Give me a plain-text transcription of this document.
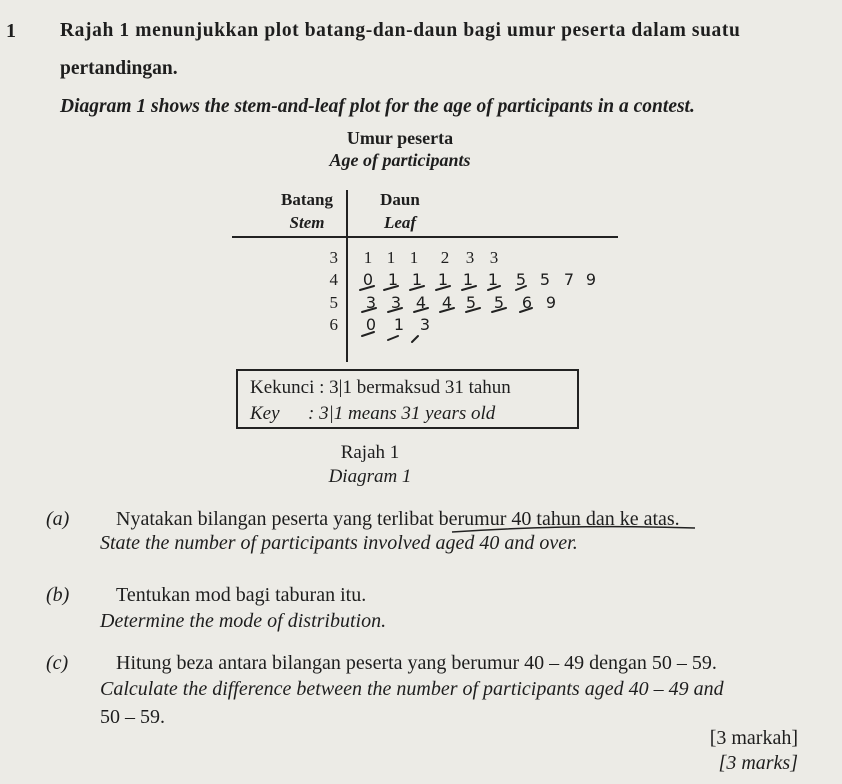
1 Rajah 1 menunjukkan plot batang-dan-daun bagi umur peserta dalam suatu
pertandingan.
Diagram 1 shows the stem-and-leaf plot for the age of participants in a contest.
Umur peserta
Age of participants
Batang
Stem
Daun
Leaf
3
4
5
6
1 1 1 2 3 3
0 1 1 1 1 1 5 5 7 9
3 3 4 4 5 5 6 9
0 1 3
Kekunci : 3|1 bermaksud 31 tahun
Key : 3|1 means 31 years old
Rajah 1
Diagram 1
(a) Nyatakan bilangan peserta yang terlibat berumur 40 tahun dan ke atas.
State the number of participants involved aged 40 and over.
(b) Tentukan mod bagi taburan itu.
Determine the mode of distribution.
(c) Hitung beza antara bilangan peserta yang berumur 40 – 49 dengan 50 – 59.
Calculate the difference between the number of participants aged 40 – 49 and
50 – 59.
[3 markah]
[3 marks]
